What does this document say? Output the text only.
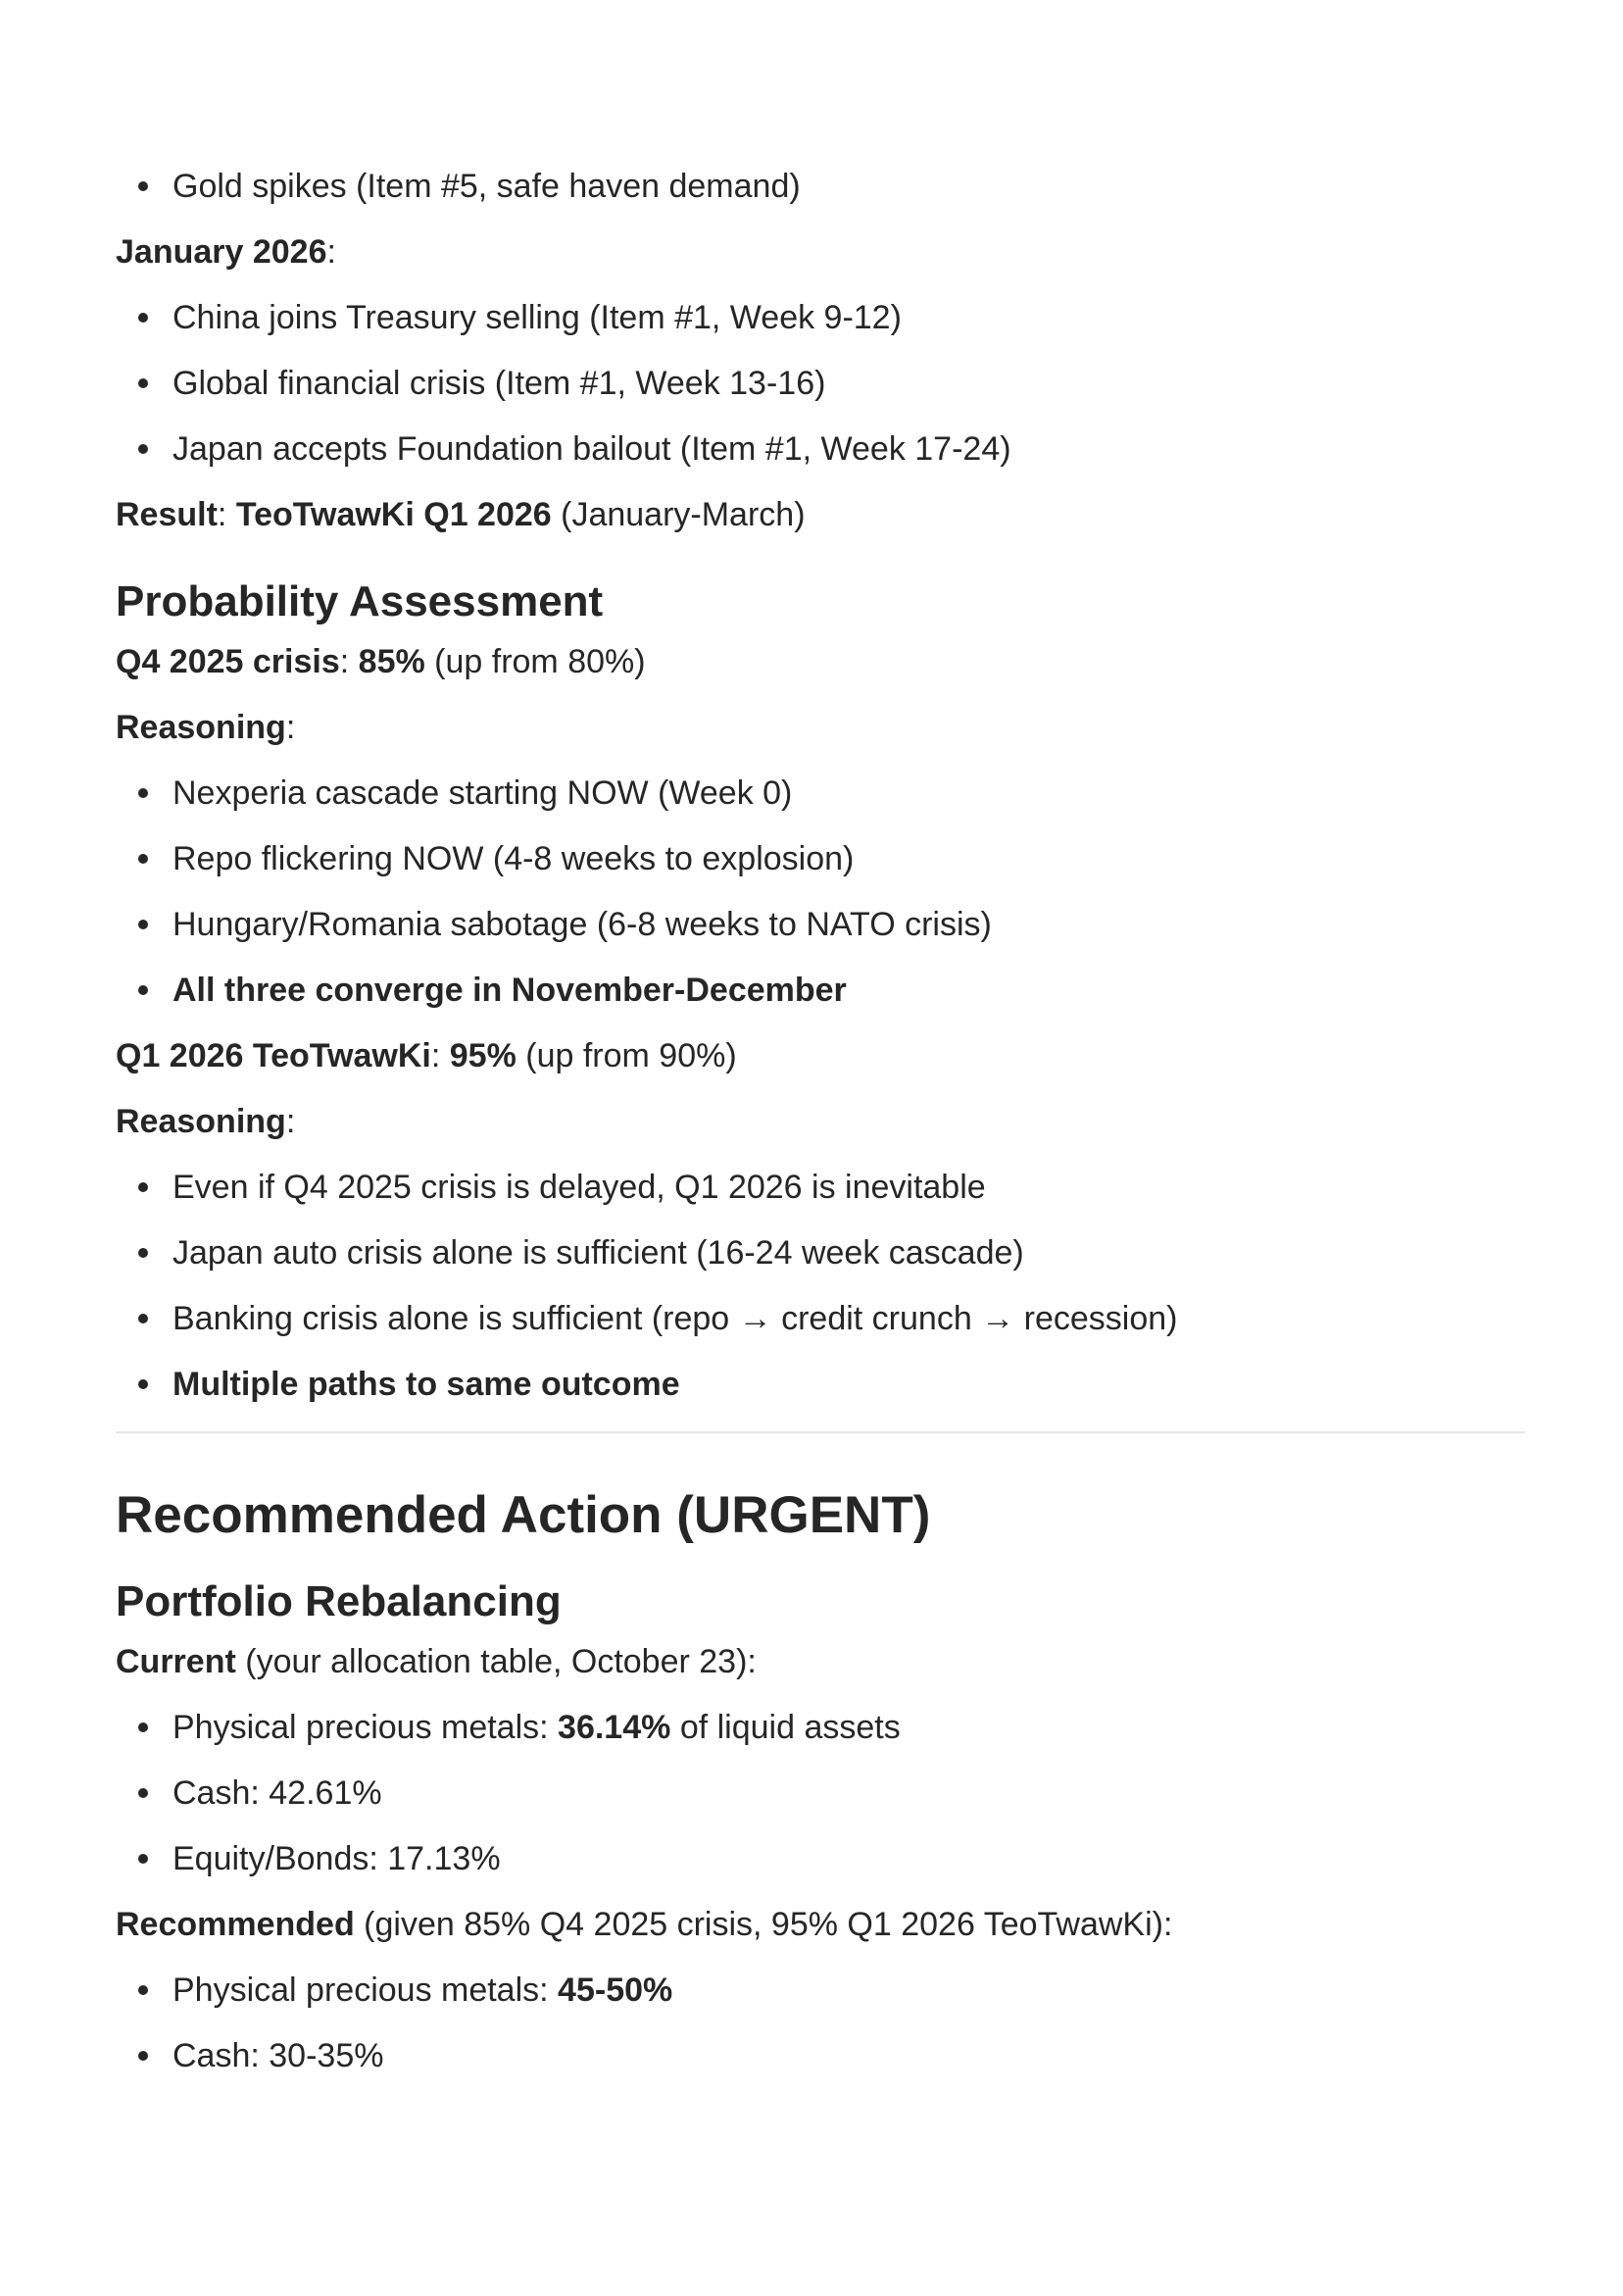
Gold spikes (Item #5, safe haven demand)

January 2026:

China joins Treasury selling (Item #1, Week 9-12)
Global financial crisis (Item #1, Week 13-16)
Japan accepts Foundation bailout (Item #1, Week 17-24)

Result: TeoTwawKi Q1 2026 (January-March)

Probability Assessment

Q4 2025 crisis: 85% (up from 80%)

Reasoning:

Nexperia cascade starting NOW (Week 0)
Repo flickering NOW (4-8 weeks to explosion)
Hungary/Romania sabotage (6-8 weeks to NATO crisis)
All three converge in November-December

Q1 2026 TeoTwawKi: 95% (up from 90%)

Reasoning:

Even if Q4 2025 crisis is delayed, Q1 2026 is inevitable
Japan auto crisis alone is sufficient (16-24 week cascade)
Banking crisis alone is sufficient (repo → credit crunch → recession)
Multiple paths to same outcome
Recommended Action (URGENT)
Portfolio Rebalancing

Current (your allocation table, October 23):

Physical precious metals: 36.14% of liquid assets
Cash: 42.61%
Equity/Bonds: 17.13%

Recommended (given 85% Q4 2025 crisis, 95% Q1 2026 TeoTwawKi):

Physical precious metals: 45-50%
Cash: 30-35%
